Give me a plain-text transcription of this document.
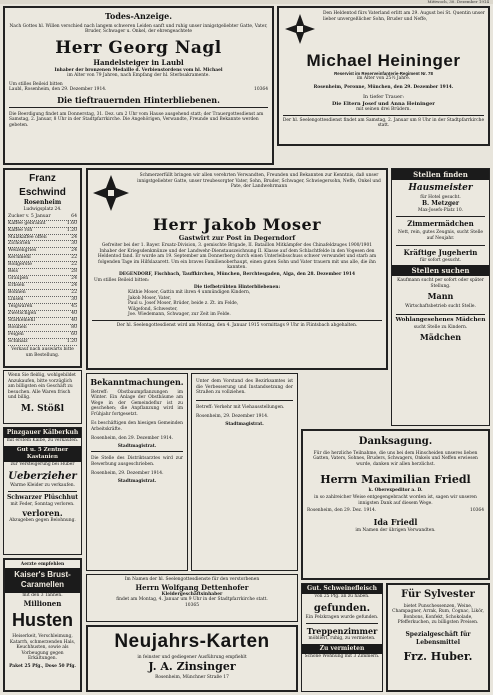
Mittwoch, 30. Dezember 1914
Todes-Anzeige.
Nach Gottes hl. Willen verschied nach langem schweren Leiden sanft und ruhig unser innigstgeliebter Gatte, Vater, Bruder, Schwager u. Onkel, der ehrengeachtete
Herr Georg Nagl
Handelsteiger in Laubl
Inhaber der bronzenen Medaille d. Verbienstordens vom hl. Michael
im Alter von 79 Jahren, nach Empfang der hl. Sterbsakramente.
Um stilles Beileid bitten
Laubl, Rosenheim, den 29. Dezember 1914.	10364
Die tieftrauernden Hinterbliebenen.
Die Beerdigung findet am Donnerstag, 31. Dez. um 2 Uhr vom Hause ausgehend statt; der Trauergottesdienst am Samstag, 2. Januar, 8 Uhr in der Stadtpfarrkirche. Die Angehörigen, Verwandte, Freunde und Bekannte werden gebeten.
Den Heldentod fürs Vaterland erlitt am 29. August bei St. Quentin unser lieber unvergeßlicher Sohn, Bruder und Neffe,
Michael Heininger
Reservist im Reserveinfanterie-Regiment Nr. 78
im Alter von 25½ Jahre.
Rosenheim, Peronne, München, den 29. Dezember 1914.
In tiefer Trauer:
Die Eltern Josef und Anna Heininger
mit seinen drei Brüdern.
Der hl. Seelengottesdienst findet am Samstag, 2. Januar um 8 Uhr in der Stadtpfarrkirche statt.
Franz Eschwind
Rosenheim
Ludwigsplatz 24.
Zucker v. 5 Januar	64
Kaffee gebrannt	1.60
Kaffee roh	1.20
Malzkaffee offen	24
Zichorien	30
Weizengries	24
Kernmehl	22
Rollgerste	22
Reis	28
Graupen	24
Erbsen	24
Bohnen	22
Linsen	30
Teigwaren	45
Zwetschgen	40
Stärkemehl	40
Rosinen	80
Feigen	60
Schmalz	1.20
Verkauf nach auswärts bitte um Bestellung.
Wenn Sie fleißig, wohlgebildet Anzukaufen, bitte vorzüglich am billigsten ein Geschäft zu besuchen. Alle Waren frisch und billig.
M. Stößl
Schmerzerfüllt bringen wir allen verehrten Verwandten, Freunden und Bekannten zur Kenntnis, daß unser innigstgeliebter Gatte, unser treubesorgter Vater, Sohn, Bruder, Schwager, Schwiegersohn, Neffe, Onkel und Pate, der Landwehrmann
Herr Jakob Moser
Gastwirt zur Post in Degerndorf
Gefreiter bei der 1. Bayer. Ersatz-Division, 3. gemischte Brigade, II. Bataillon Mitkämpfer des Chinafeldzuges 1900/1901 Inhaber der Kriegsdenkmünze und der Landwehr-Dienstauszeichnung II. Klasse auf dem Schlachtfelde in den Vogesen den Heldentod fand. Er wurde am 19. September am Donnerberg durch einen Unterleibsschuss schwer verwundet und starb am folgenden Tage im Hilfslazarett. Um ein braves Familienoberhaupt, einen guten Sohn und Vater trauern mit uns alle, die ihn kannten.
DEGENDORF, Fischbach, Tauffkirchen, München, Berchtesgaden, Alga, den 28. Dezember 1914
Um stilles Beileid bitten:
Die tiefbetrübten Hinterbliebenen:
Käthie Moser, Gattin mit ihren 4 unmündigen Kindern,
Jakob Moser, Vater,
Paul u. Josef Moser, Brüder, beide z. Zt. im Felde,
Wilgefond, Schwester,
Joe. Wiedemann, Schwager, zur Zeit im Felde.
Der hl. Seelengottesdienst wird am Montag, den 4. Januar 1915 vormittags 9 Uhr in Flintsbach abgehalten.
Stellen finden
Hausmeister
für Hotel gesucht.
B. Metzger
Max-Josefs-Platz 10.
Zimmermädchen
Nett, rein, gutes Zeugnis, sucht Stelle auf Neujahr.
Kräftige Jugeherin
für sofort gesucht.
Stellen suchen
Kaufmann sucht per sofort oder später Stellung.
Mann
Wirtschaftsbetrieb sucht Stelle.
Wohlangesehenes Mädchen
sucht Stelle zu Kindern.
Mädchen
Pinzgauer Kälberkuh
mit erstem Kalbe, zu verkaufen.
Gut u. 5 Zentner Kastanien
zur Versteigerung bei Huber
Ueberzieher
Warme Kleider zu verkaufen.
Schwarzer Plüschhut
mit Feder, Sonntag verloren.
verloren.
Abzugeben gegen Belohnung.
Aerzte empfehlen
Kaiser's Brust-Caramellen
mit den 3 Tannen.
Millionen
Husten
Heiserkeit, Verschleimung, Katarrh, schmerzenden Hals, Keuchhusten, sowie als Vorbeugung gegen Erkältungen.
Paket 25 Pfg., Dose 50 Pfg.
Bekanntmachungen.
Betreff: Obstbaumpflanzungen im Winter. Ein Anlage der Obstbäume am Wege in der Gemeindeflur ist zu geschehen; die Anpflanzung wird im Frühjahr fortgesetzt.
Es beschäftigen den hiesigen Gemeinden Arbeitskräfte.
Rosenheim, den 29. Dezember 1914.
Stadtmagistrat.
Die Stelle des Distriktsarztes wird zur Bewerbung ausgeschrieben.
Rosenheim, 29. Dezember 1914.
Stadtmagistrat.
Unter dem Vorstand des Bezirksamtes ist die Verbesserung und Instandsetzung der Straßen zu vollziehen.
Betreff: Verkehr mit Viehausstellungen.
Rosenheim, 29. Dezember 1914.
Stadtmagistrat.
Danksagung.
Für die herzliche Teilnahme, die uns bei dem Hinscheiden unseres lieben Gatten, Vaters, Sohnes, Bruders, Schwagers, Onkels und Neffen erwiesen wurde, danken wir allen herzlichst.
Herrn Maximilian Friedl
k. Oberexpeditor a. D.
in so zahlreicher Weise entgegengebracht worden ist, sagen wir unseren innigsten Dank auf diesem Wege.
Rosenheim, den 29. Dez. 1914.	10364
Ida Friedl
im Namen der übrigen Verwandten.
Im Namen der hl. Seelengottesdienste für den verstorbenen
Herrn Wolfgang Dettenhofer
Kleidergeschäftsinhaber
findet am Montag, 4. Januar um 9 Uhr in der Stadtpfarrkirche statt.
10365
Neujahrs-Karten
in feinster und gediegener Ausführung empfiehlt
J. A. Zinsinger
Rosenheim, Münchner Straße 17
Gut. Schweinefleisch
von 25 Pfg. an zu haben.
gefunden.
Ein Pelzkragen wurde gefunden.
Treppenzimmer
möbliert, ruhig, zu vermieten.
Zu vermieten
Schöne Wohnung mit 3 Zimmern.
Für Sylvester
bietet Punschessenzen, Weine, Champagner, Arrak, Rum, Cognac, Likör, Bonbons, Konfekt, Schokolade, Pfefferkuchen, zu billigsten Preisen.
Spezialgeschäft für Lebensmittel
Frz. Huber.
